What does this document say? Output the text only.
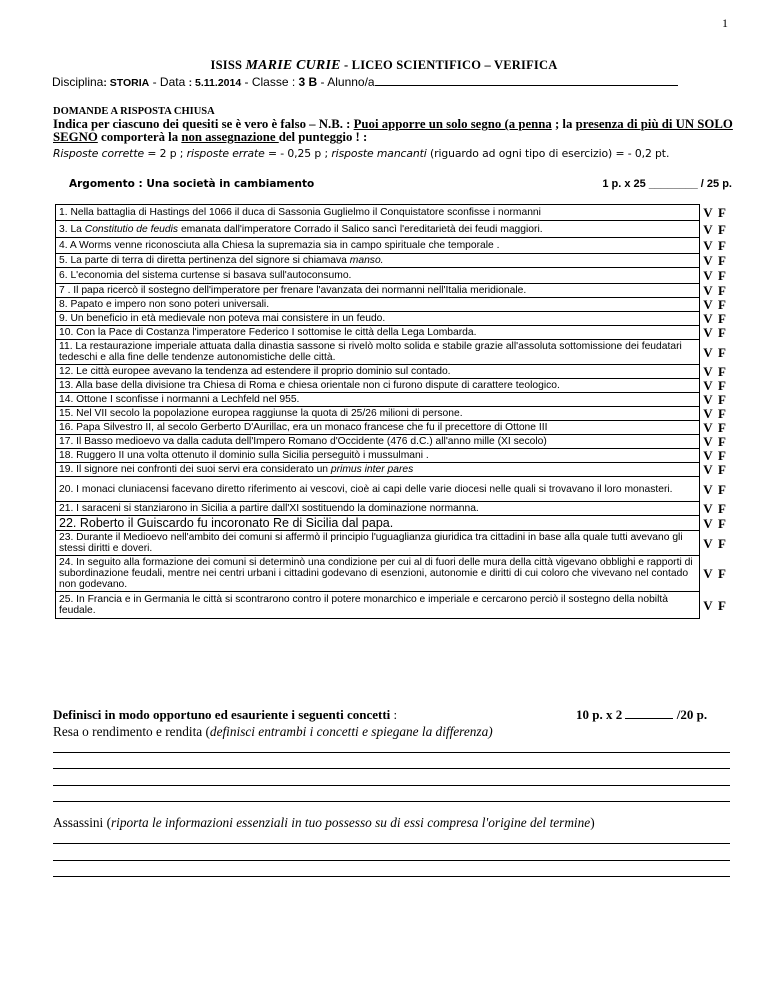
1
ISISS MARIE CURIE - LICEO SCIENTIFICO – VERIFICA
Disciplina: STORIA - Data : 5.11.2014 - Classe : 3 B - Alunno/a
DOMANDE A RISPOSTA CHIUSA
Indica per ciascuno dei quesiti se è vero è falso – N.B. : Puoi apporre un solo segno (a penna ; la presenza di più di UN SOLO SEGNO comporterà la non assegnazione del punteggio ! :
Risposte corrette = 2 p ; risposte errate = - 0,25 p ; risposte mancanti (riguardo ad ogni tipo di esercizio) = - 0,2 pt.
Argomento : Una società in cambiamento	1 p. x 25 ________ / 25 p.
1. Nella battaglia di Hastings del 1066 il duca di Sassonia Guglielmo il Conquistatore sconfisse i normanni	V F
3. La Constitutio de feudis emanata dall'imperatore Corrado il Salico sancì l'ereditarietà dei feudi maggiori.	V F
4. A Worms venne riconosciuta alla Chiesa la supremazia sia in campo spirituale che temporale .	V F
5. La parte di terra di diretta pertinenza del signore si chiamava manso.	V F
6. L'economia del sistema curtense si basava sull'autoconsumo.	V F
7 . Il papa ricercò il sostegno dell'imperatore per frenare l'avanzata dei normanni nell'Italia meridionale.	V F
8. Papato e impero non sono poteri universali.	V F
9. Un beneficio in età medievale non poteva mai consistere in un feudo.	V F
10. Con la Pace di Costanza l'imperatore Federico I sottomise le città della Lega Lombarda.	V F
11. La restaurazione imperiale attuata dalla dinastia sassone si rivelò molto solida e stabile grazie all'assoluta sottomissione dei feudatari tedeschi e alla fine delle tendenze autonomistiche delle città.	V F
12. Le città europee avevano la tendenza ad estendere il proprio dominio sul contado.	V F
13. Alla base della divisione tra Chiesa di Roma e chiesa orientale non ci furono dispute di carattere teologico.	V F
14. Ottone I sconfisse i normanni a Lechfeld nel 955.	V F
15. Nel VII secolo la popolazione europea raggiunse la quota di 25/26 milioni di persone.	V F
16. Papa Silvestro II, al secolo Gerberto D'Aurillac, era un monaco francese che fu il precettore di Ottone III	V F
17. Il Basso medioevo va dalla caduta dell'Impero Romano d'Occidente (476 d.C.) all'anno mille (XI secolo)	V F
18. Ruggero II una volta ottenuto il dominio sulla Sicilia perseguitò i mussulmani .	V F
19. Il signore nei confronti dei suoi servi era considerato un primus inter pares	V F
20. I monaci cluniacensi facevano diretto riferimento ai vescovi, cioè ai capi delle varie diocesi nelle quali si trovavano il loro monasteri.	V F
21. I saraceni si stanziarono in Sicilia a partire dall'XI sostituendo la dominazione normanna.	V F
22. Roberto il Guiscardo fu incoronato Re di Sicilia dal papa.	V F
23. Durante il Medioevo nell'ambito dei comuni si affermò il principio l'uguaglianza giuridica tra cittadini in base alla quale tutti avevano gli stessi diritti e doveri.	V F
24. In seguito alla formazione dei comuni si determinò una condizione per cui al di fuori delle mura della città vigevano obblighi e rapporti di subordinazione feudali, mentre nei centri urbani i cittadini godevano di esenzioni, autonomie e diritti di cui coloro che vivevano nel contado non godevano.	V F
25. In Francia e in Germania le città si scontrarono contro il potere monarchico e imperiale e cercarono perciò il sostegno della nobiltà feudale.	V F
Definisci in modo opportuno ed esauriente i seguenti concetti :	10 p. x 2	/20 p.
Resa o rendimento e rendita (definisci entrambi i concetti e spiegane la differenza)
Assassini (riporta le informazioni essenziali in tuo possesso su di essi compresa l'origine del termine)
